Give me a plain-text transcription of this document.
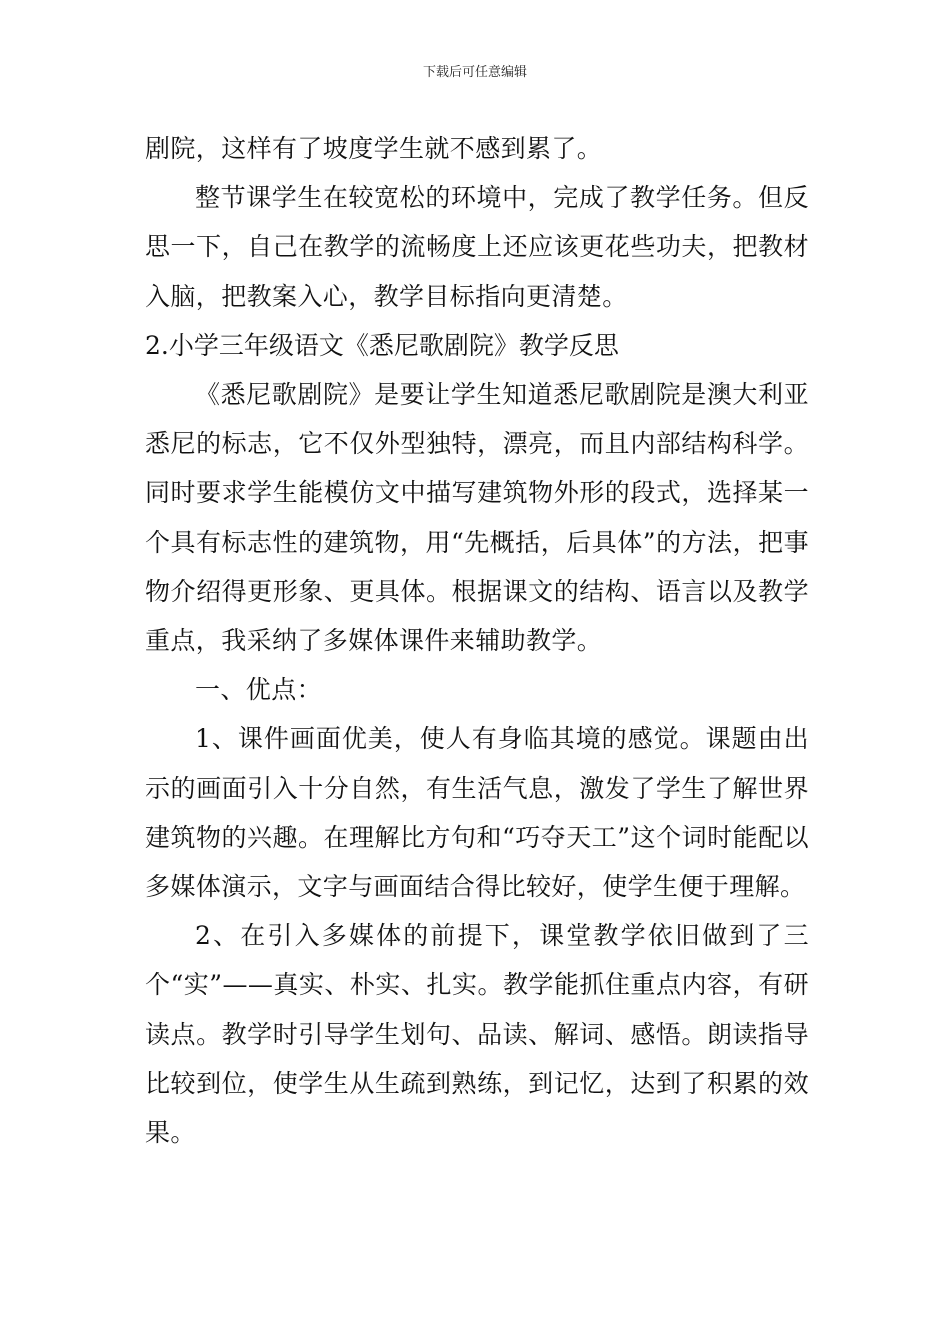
下载后可任意编辑

剧院，这样有了坡度学生就不感到累了。

整节课学生在较宽松的环境中，完成了教学任务。但反思一下，自己在教学的流畅度上还应该更花些功夫，把教材入脑，把教案入心，教学目标指向更清楚。

2.小学三年级语文《悉尼歌剧院》教学反思

《悉尼歌剧院》是要让学生知道悉尼歌剧院是澳大利亚悉尼的标志，它不仅外型独特，漂亮，而且内部结构科学。同时要求学生能模仿文中描写建筑物外形的段式，选择某一个具有标志性的建筑物，用“先概括，后具体”的方法，把事物介绍得更形象、更具体。根据课文的结构、语言以及教学重点，我采纳了多媒体课件来辅助教学。

一、优点：

1、课件画面优美，使人有身临其境的感觉。课题由出示的画面引入十分自然，有生活气息，激发了学生了解世界建筑物的兴趣。在理解比方句和“巧夺天工”这个词时能配以多媒体演示，文字与画面结合得比较好，使学生便于理解。

2、在引入多媒体的前提下，课堂教学依旧做到了三个“实”——真实、朴实、扎实。教学能抓住重点内容，有研读点。教学时引导学生划句、品读、解词、感悟。朗读指导比较到位，使学生从生疏到熟练，到记忆，达到了积累的效果。
